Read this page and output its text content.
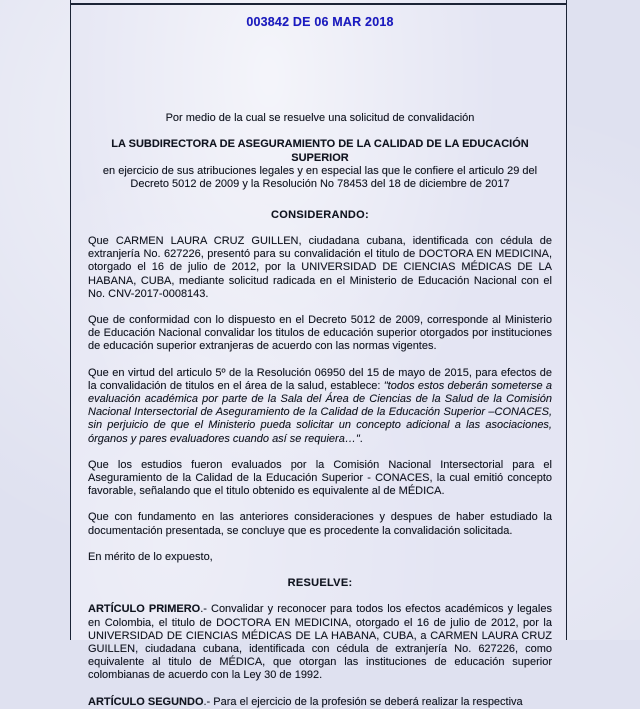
003842 DE 06 MAR 2018

Por medio de la cual se resuelve una solicitud de convalidación

LA SUBDIRECTORA DE ASEGURAMIENTO DE LA CALIDAD DE LA EDUCACIÓN SUPERIOR

en ejercicio de sus atribuciones legales y en especial las que le confiere el articulo 29 del

Decreto 5012 de 2009 y la Resolución No 78453 del 18 de diciembre de 2017

CONSIDERANDO:

Que CARMEN LAURA CRUZ GUILLEN, ciudadana cubana, identificada con cédula de extranjería No. 627226, presentó para su convalidación el titulo de DOCTORA EN MEDICINA, otorgado el 16 de julio de 2012, por la UNIVERSIDAD DE CIENCIAS MÉDICAS DE LA HABANA, CUBA, mediante solicitud radicada en el Ministerio de Educación Nacional con el No. CNV-2017-0008143.

Que de conformidad con lo dispuesto en el Decreto 5012 de 2009, corresponde al Ministerio de Educación Nacional convalidar los titulos de educación superior otorgados por instituciones de educación superior extranjeras de acuerdo con las normas vigentes.

Que en virtud del articulo 5º de la Resolución 06950 del 15 de mayo de 2015, para efectos de la convalidación de titulos en el área de la salud, establece: "todos estos deberán someterse a evaluación académica por parte de la Sala del Área de Ciencias de la Salud de la Comisión Nacional Intersectorial de Aseguramiento de la Calidad de la Educación Superior –CONACES, sin perjuicio de que el Ministerio pueda solicitar un concepto adicional a las asociaciones, órganos y pares evaluadores cuando así se requiera…".

Que los estudios fueron evaluados por la Comisión Nacional Intersectorial para el Aseguramiento de la Calidad de la Educación Superior - CONACES, la cual emitió concepto favorable, señalando que el titulo obtenido es equivalente al de MÉDICA.

Que con fundamento en las anteriores consideraciones y despues de haber estudiado la documentación presentada, se concluye que es procedente la convalidación solicitada.

En mérito de lo expuesto,

RESUELVE:

ARTÍCULO PRIMERO.- Convalidar y reconocer para todos los efectos académicos y legales en Colombia, el titulo de DOCTORA EN MEDICINA, otorgado el 16 de julio de 2012, por la UNIVERSIDAD DE CIENCIAS MÉDICAS DE LA HABANA, CUBA, a CARMEN LAURA CRUZ GUILLEN, ciudadana cubana, identificada con cédula de extranjería No. 627226, como equivalente al titulo de MÉDICA, que otorgan las instituciones de educación superior colombianas de acuerdo con la Ley 30 de 1992.

ARTÍCULO SEGUNDO.- Para el ejercicio de la profesión se deberá realizar la respectiva
